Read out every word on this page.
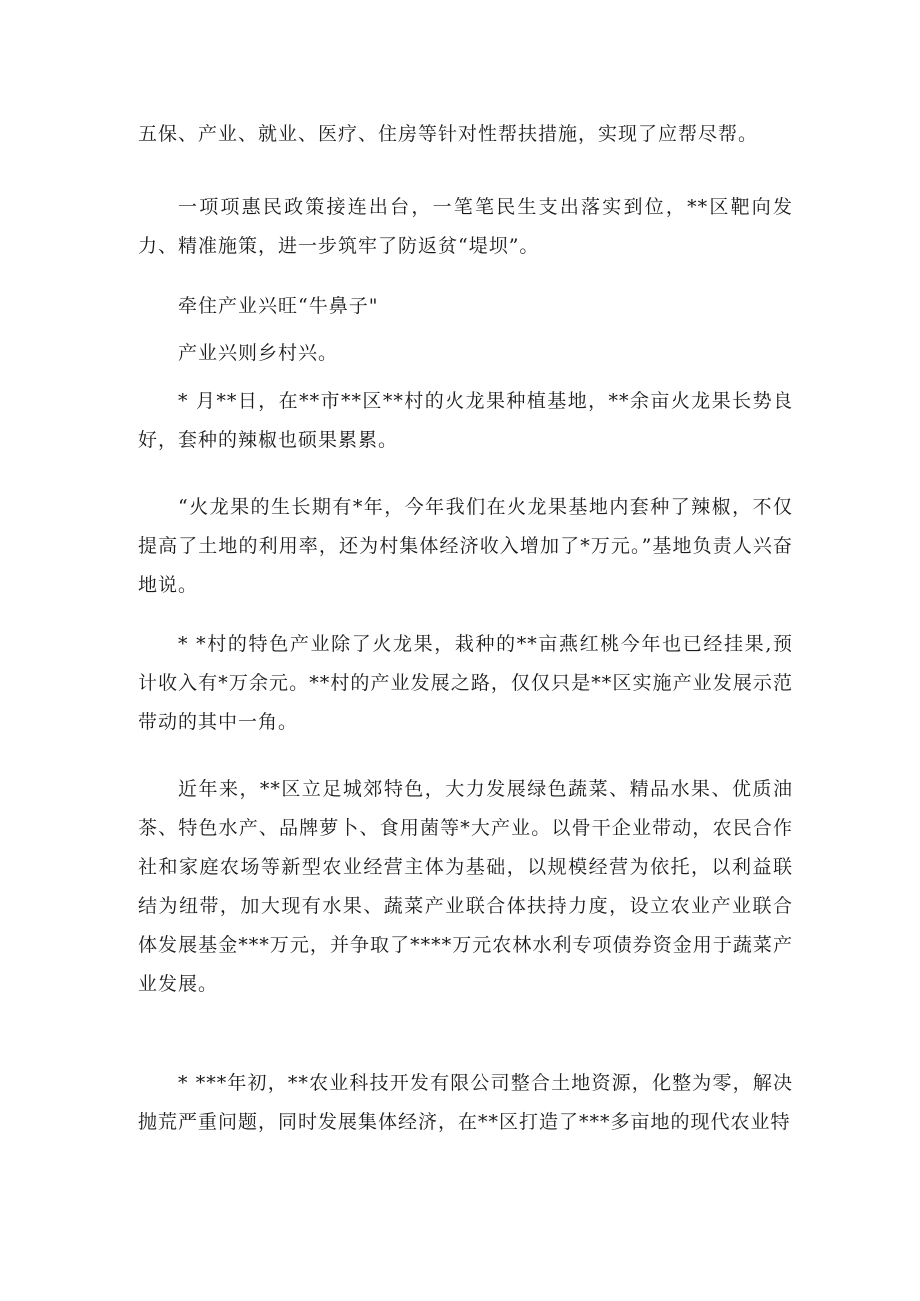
五保、产业、就业、医疗、住房等针对性帮扶措施，实现了应帮尽帮。

一项项惠民政策接连出台，一笔笔民生支出落实到位，**区靶向发力、精准施策，进一步筑牢了防返贫“堤坝”。

牵住产业兴旺“牛鼻子"

产业兴则乡村兴。

* 月**日，在**市**区**村的火龙果种植基地，**余亩火龙果长势良好，套种的辣椒也硕果累累。

“火龙果的生长期有*年，今年我们在火龙果基地内套种了辣椒，不仅提高了土地的利用率，还为村集体经济收入增加了*万元。”基地负责人兴奋地说。

* *村的特色产业除了火龙果，栽种的**亩燕红桃今年也已经挂果,预计收入有*万余元。**村的产业发展之路，仅仅只是**区实施产业发展示范带动的其中一角。

近年来，**区立足城郊特色，大力发展绿色蔬菜、精品水果、优质油茶、特色水产、品牌萝卜、食用菌等*大产业。以骨干企业带动，农民合作社和家庭农场等新型农业经营主体为基础，以规模经营为依托，以利益联结为纽带，加大现有水果、蔬菜产业联合体扶持力度，设立农业产业联合体发展基金***万元，并争取了****万元农林水利专项债券资金用于蔬菜产业发展。

* ***年初，**农业科技开发有限公司整合土地资源，化整为零，解决抛荒严重问题，同时发展集体经济，在**区打造了***多亩地的现代农业特
